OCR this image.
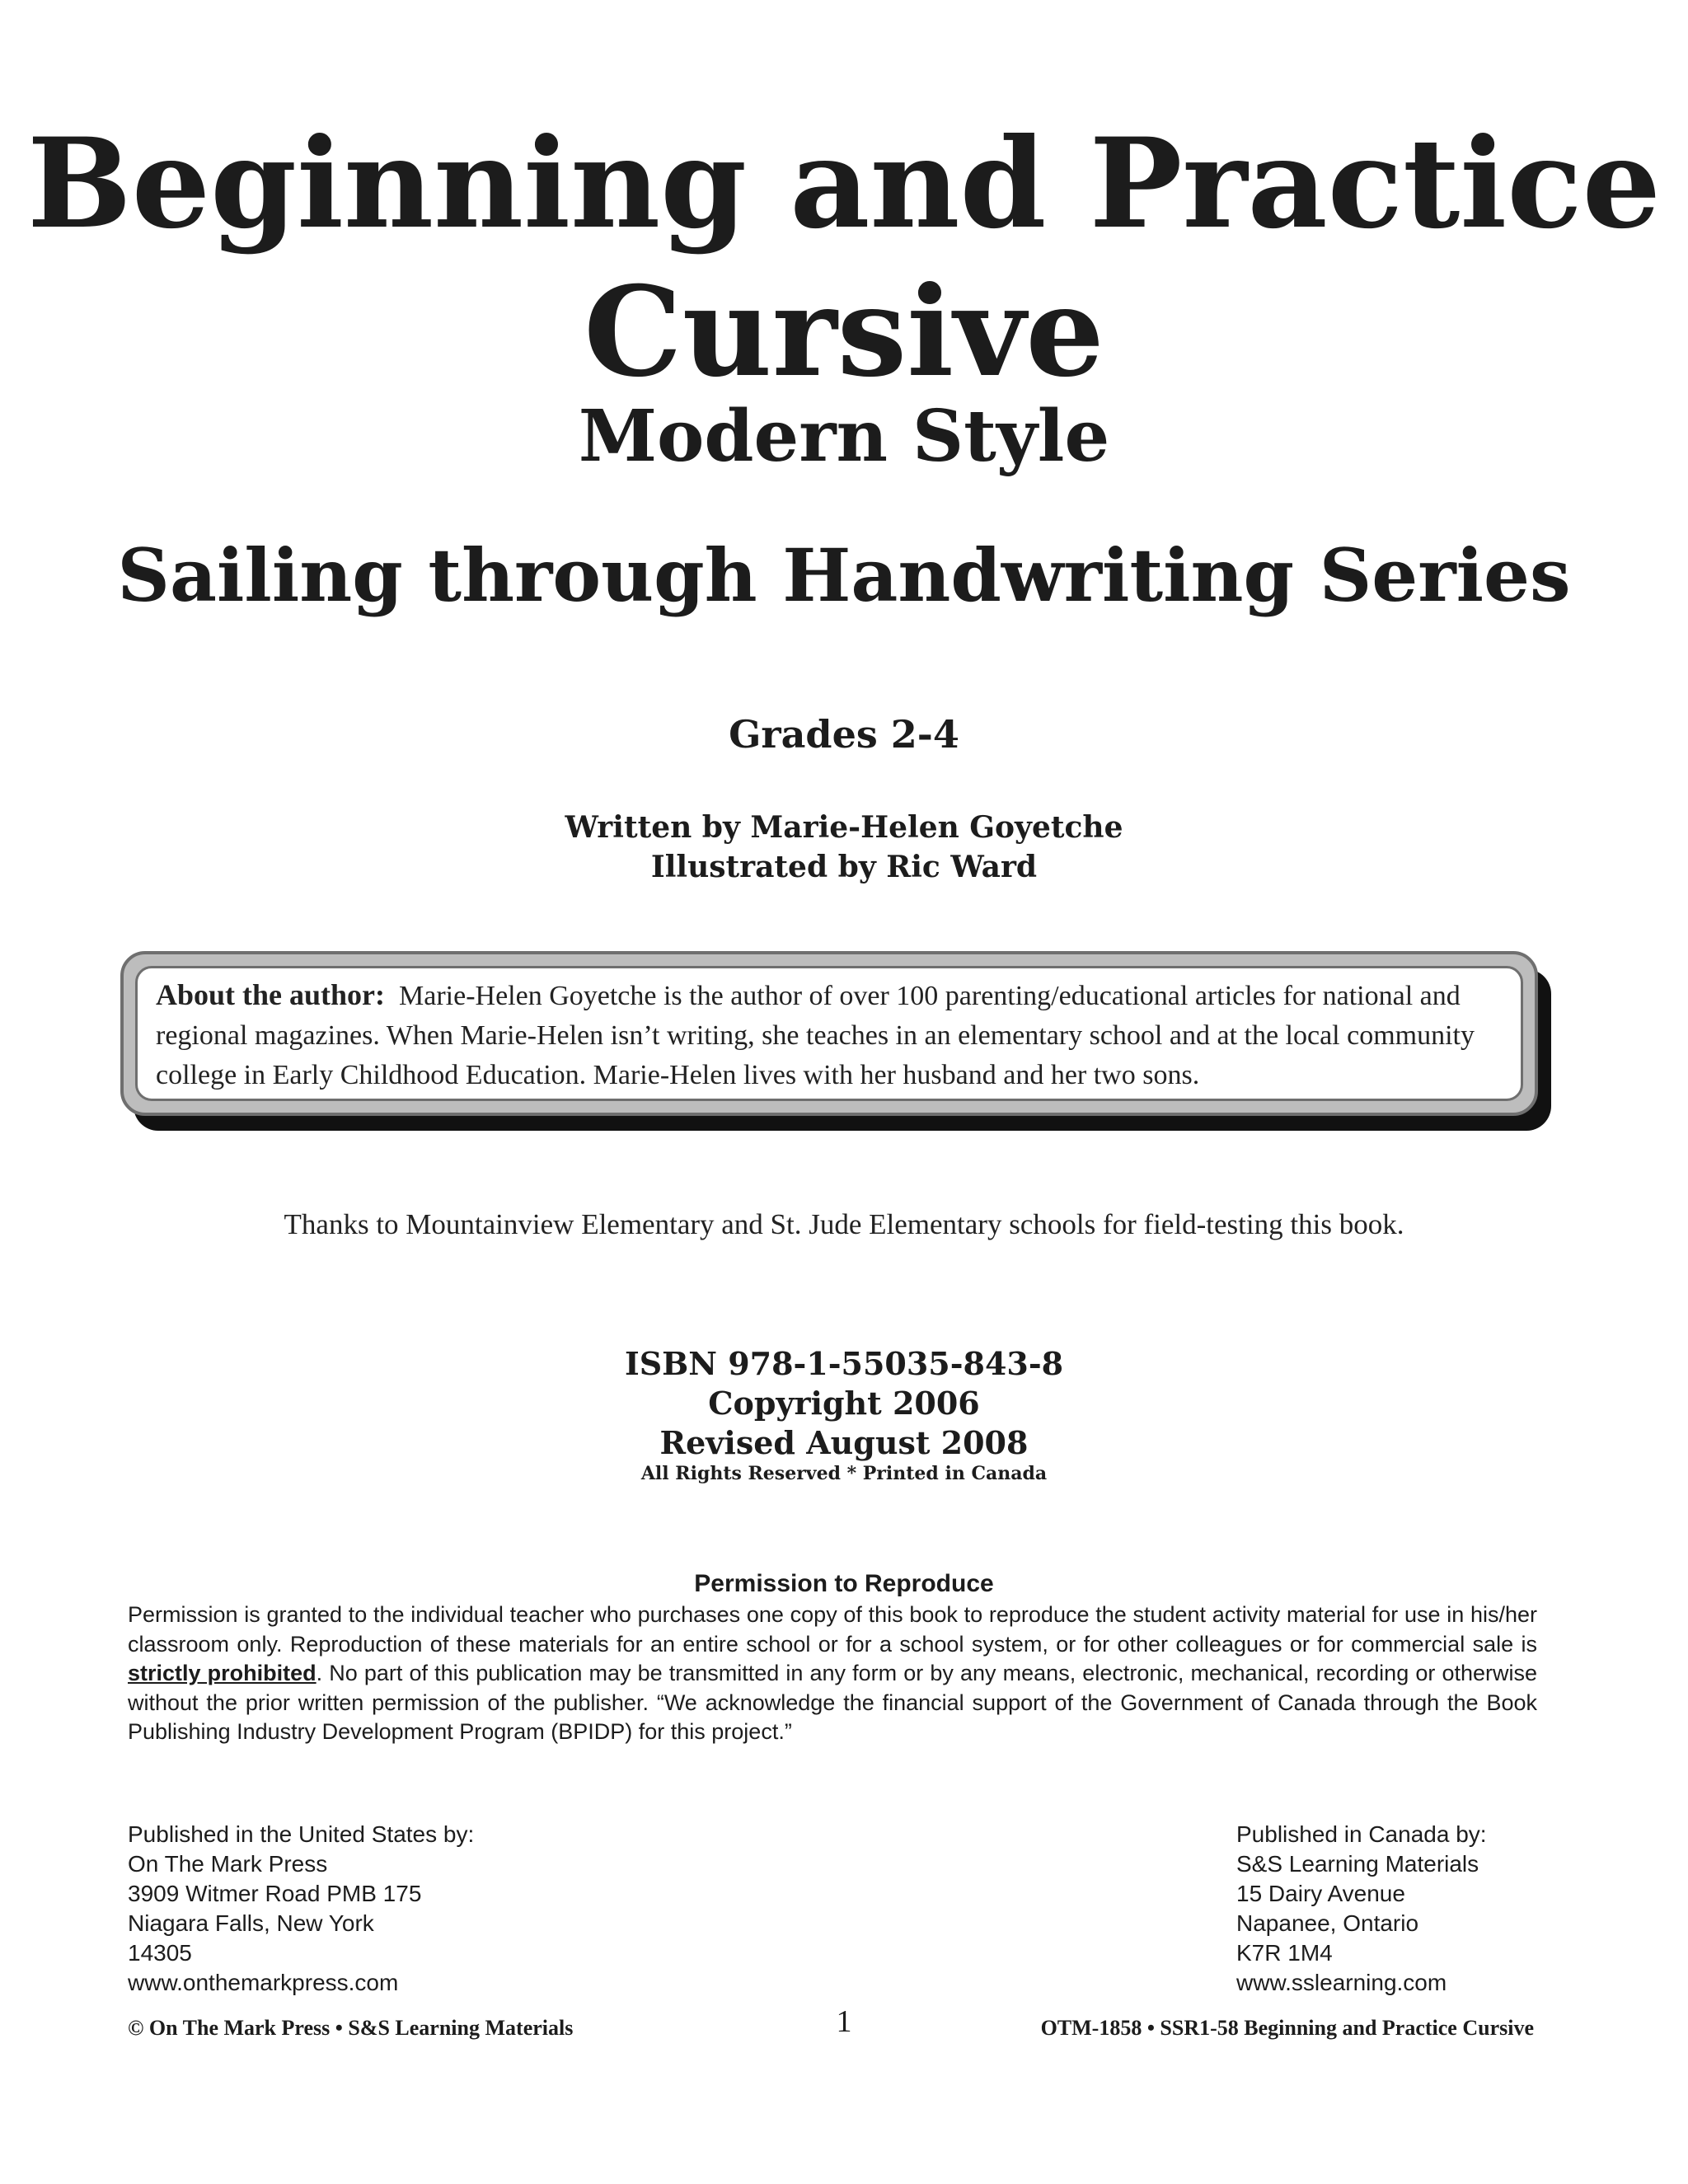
Beginning and Practice
Cursive
Modern Style
Sailing through Handwriting Series
Grades 2-4
Written by Marie-Helen Goyetche
Illustrated by Ric Ward
About the author: Marie-Helen Goyetche is the author of over 100 parenting/educational articles for national and regional magazines. When Marie-Helen isn’t writing, she teaches in an elementary school and at the local community college in Early Childhood Education. Marie-Helen lives with her husband and her two sons.
Thanks to Mountainview Elementary and St. Jude Elementary schools for field-testing this book.
ISBN 978-1-55035-843-8
Copyright 2006
Revised August 2008
All Rights Reserved * Printed in Canada
Permission to Reproduce
Permission is granted to the individual teacher who purchases one copy of this book to reproduce the student activity material for use in his/her classroom only. Reproduction of these materials for an entire school or for a school system, or for other colleagues or for commercial sale is strictly prohibited. No part of this publication may be transmitted in any form or by any means, electronic, mechanical, recording or otherwise without the prior written permission of the publisher. “We acknowledge the financial support of the Government of Canada through the Book Publishing Industry Development Program (BPIDP) for this project.”
Published in the United States by:
On The Mark Press
3909 Witmer Road PMB 175
Niagara Falls, New York
14305
www.onthemarkpress.com
Published in Canada by:
S&S Learning Materials
15 Dairy Avenue
Napanee, Ontario
K7R 1M4
www.sslearning.com
© On The Mark Press • S&S Learning Materials	1	OTM-1858 • SSR1-58 Beginning and Practice Cursive
